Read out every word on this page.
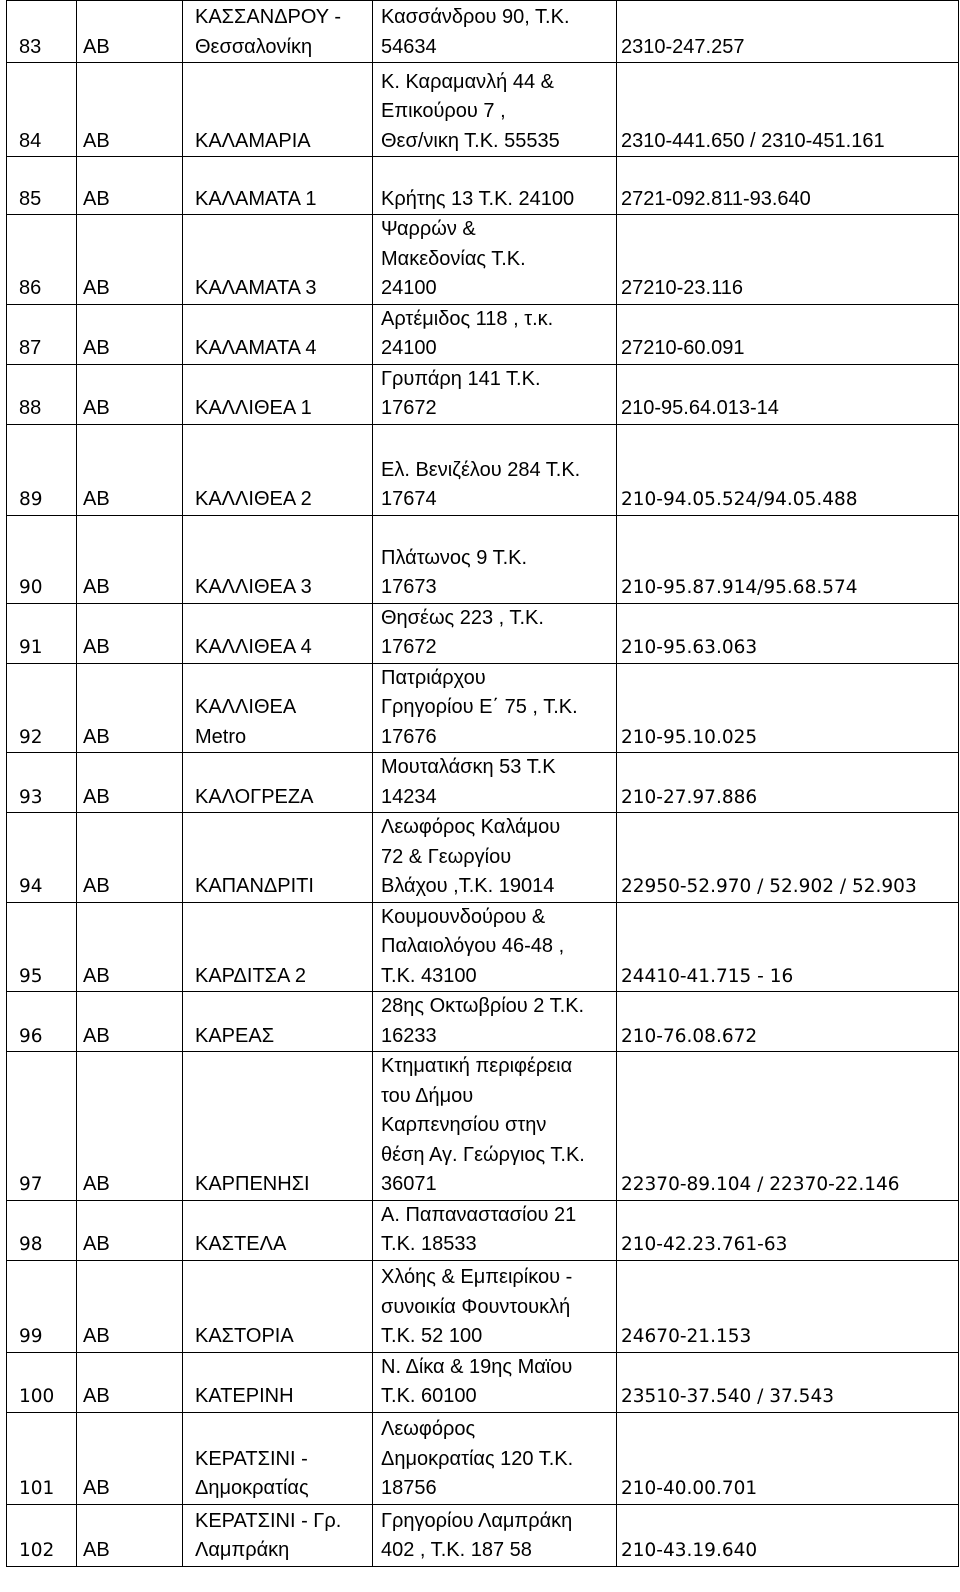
83	ΑΒ	ΚΑΣΣΑΝΔΡΟΥ -
Θεσσαλονίκη	Κασσάνδρου 90, Τ.Κ.
54634	2310-247.257
84	ΑΒ	ΚΑΛΑΜΑΡΙΑ	Κ. Καραμανλή 44 &
Επικούρου 7 ,
Θεσ/νικη Τ.Κ. 55535	2310-441.650 / 2310-451.161
85	ΑΒ	ΚΑΛΑΜΑΤΑ 1	Κρήτης 13 Τ.Κ. 24100	2721-092.811-93.640
86	ΑΒ	ΚΑΛΑΜΑΤΑ 3	Ψαρρών &
Μακεδονίας Τ.Κ.
24100	27210-23.116
87	ΑΒ	ΚΑΛΑΜΑΤΑ 4	Αρτέμιδος 118 , τ.κ.
24100	27210-60.091
88	ΑΒ	ΚΑΛΛΙΘΕΑ 1	Γρυπάρη 141 Τ.Κ.
17672	210-95.64.013-14
89	ΑΒ	ΚΑΛΛΙΘΕΑ 2	Ελ. Βενιζέλου 284 Τ.Κ.
17674	210-94.05.524/94.05.488
90	ΑΒ	ΚΑΛΛΙΘΕΑ 3	Πλάτωνος 9 Τ.Κ.
17673	210-95.87.914/95.68.574
91	ΑΒ	ΚΑΛΛΙΘΕΑ 4	Θησέως 223 , Τ.Κ.
17672	210-95.63.063
92	ΑΒ	ΚΑΛΛΙΘΕΑ
Metro	Πατριάρχου
Γρηγορίου Ε΄ 75 , Τ.Κ.
17676	210-95.10.025
93	ΑΒ	ΚΑΛΟΓΡΕΖΑ	Μουταλάσκη 53 Τ.Κ
14234	210-27.97.886
94	ΑΒ	ΚΑΠΑΝΔΡΙΤΙ	Λεωφόρος Καλάμου
72 & Γεωργίου
Βλάχου ,Τ.Κ. 19014	22950-52.970 / 52.902 / 52.903
95	ΑΒ	ΚΑΡΔΙΤΣΑ 2	Κουμουνδούρου &
Παλαιολόγου 46-48 ,
Τ.Κ. 43100	24410-41.715 - 16
96	ΑΒ	ΚΑΡΕΑΣ	28ης Οκτωβρίου 2 Τ.Κ.
16233	210-76.08.672
97	ΑΒ	ΚΑΡΠΕΝΗΣΙ	Κτηματική περιφέρεια
του Δήμου
Καρπενησίου στην
θέση Αγ. Γεώργιος Τ.Κ.
36071	22370-89.104 / 22370-22.146
98	ΑΒ	ΚΑΣΤΕΛΑ	Α. Παπαναστασίου 21
Τ.Κ. 18533	210-42.23.761-63
99	ΑΒ	ΚΑΣΤΟΡΙΑ	Χλόης & Εμπειρίκου -
συνοικία Φουντουκλή
Τ.Κ. 52 100	24670-21.153
100	ΑΒ	ΚΑΤΕΡΙΝΗ	Ν. Δίκα & 19ης Μαϊου
Τ.Κ. 60100	23510-37.540 / 37.543
101	ΑΒ	ΚΕΡΑΤΣΙΝΙ -
Δημοκρατίας	Λεωφόρος
Δημοκρατίας 120 Τ.Κ.
18756	210-40.00.701
102	ΑΒ	ΚΕΡΑΤΣΙΝΙ - Γρ.
Λαμπράκη	Γρηγορίου Λαμπράκη
402 , Τ.Κ. 187 58	210-43.19.640
